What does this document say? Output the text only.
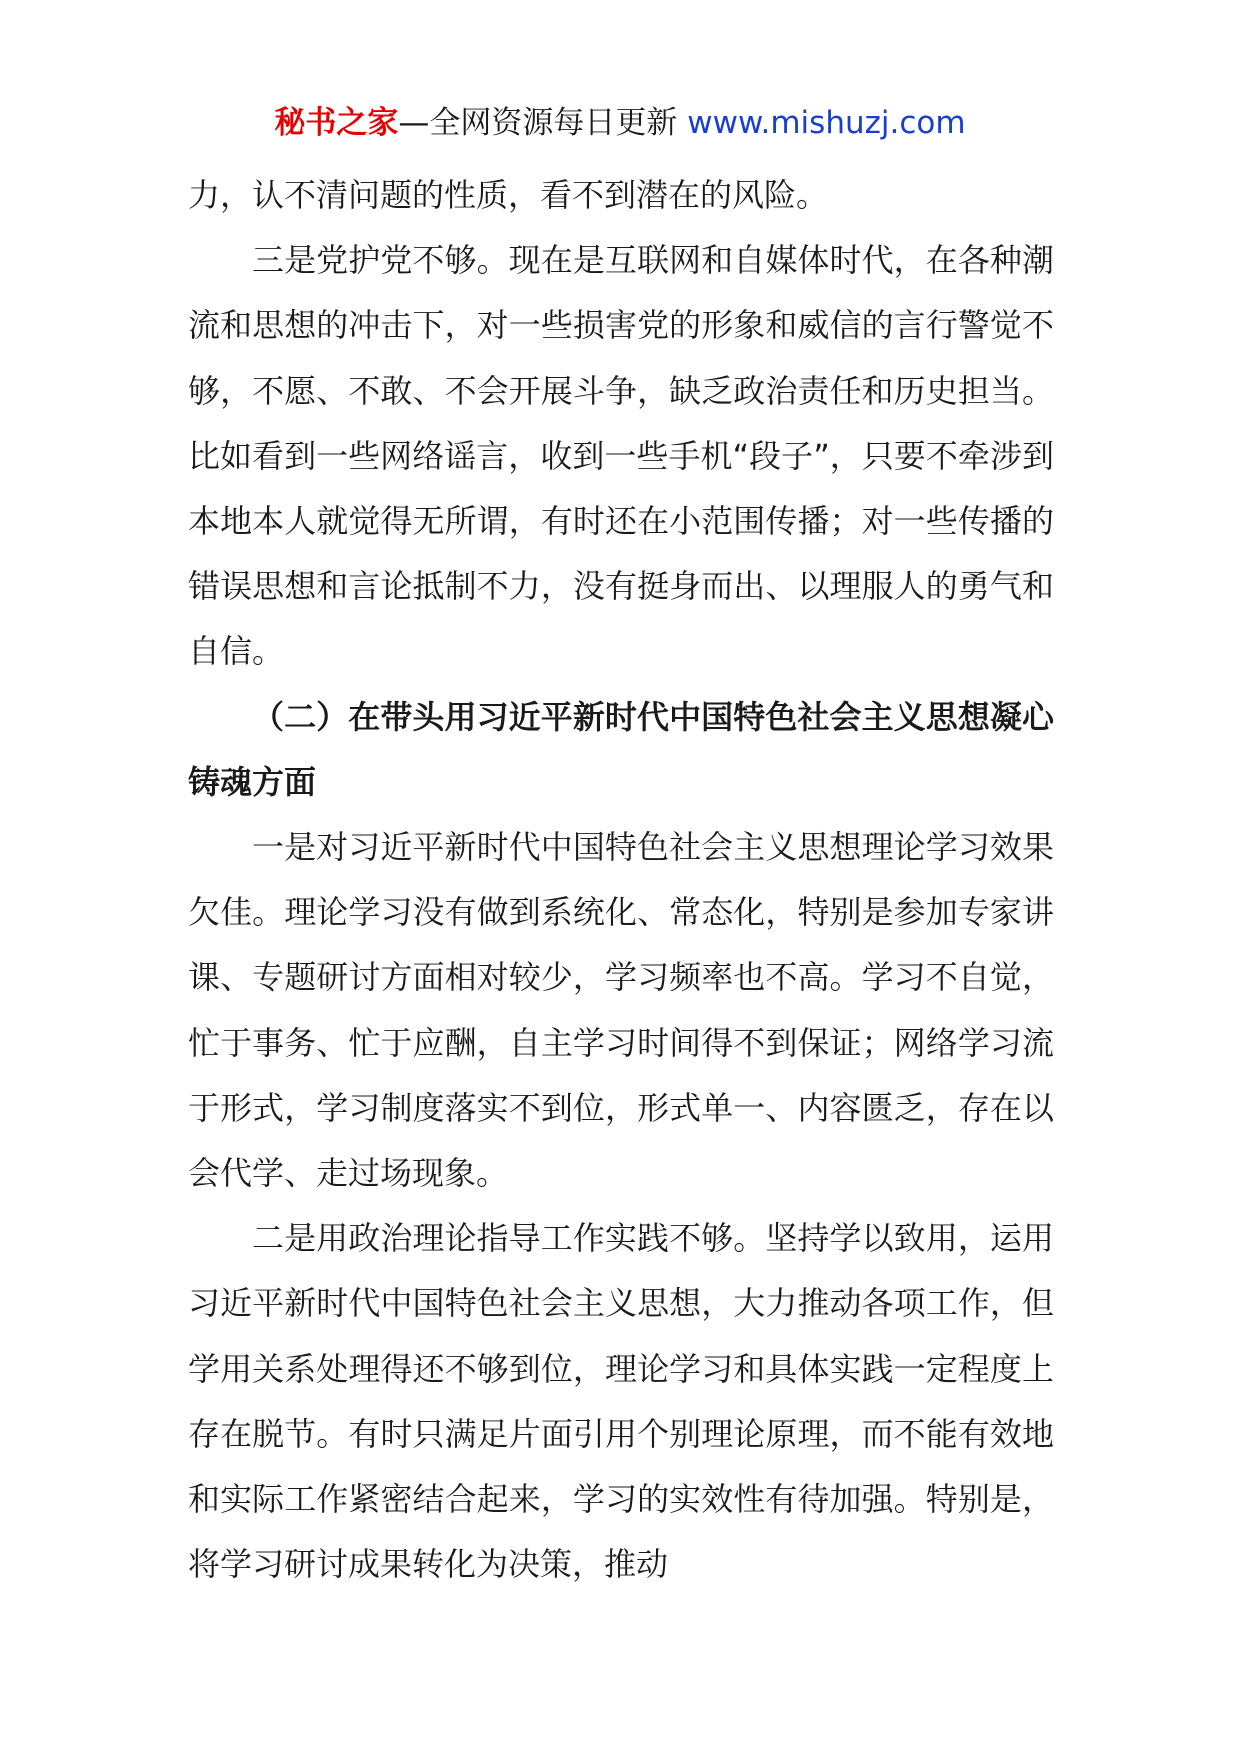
秘书之家—全网资源每日更新 www.mishuzj.com

力，认不清问题的性质，看不到潜在的风险。

三是党护党不够。现在是互联网和自媒体时代，在各种潮流和思想的冲击下，对一些损害党的形象和威信的言行警觉不够，不愿、不敢、不会开展斗争，缺乏政治责任和历史担当。比如看到一些网络谣言，收到一些手机“段子”，只要不牵涉到本地本人就觉得无所谓，有时还在小范围传播；对一些传播的错误思想和言论抵制不力，没有挺身而出、以理服人的勇气和自信。

（二）在带头用习近平新时代中国特色社会主义思想凝心铸魂方面

一是对习近平新时代中国特色社会主义思想理论学习效果欠佳。理论学习没有做到系统化、常态化，特别是参加专家讲课、专题研讨方面相对较少，学习频率也不高。学习不自觉，忙于事务、忙于应酬，自主学习时间得不到保证；网络学习流于形式，学习制度落实不到位，形式单一、内容匮乏，存在以会代学、走过场现象。

二是用政治理论指导工作实践不够。坚持学以致用，运用习近平新时代中国特色社会主义思想，大力推动各项工作，但学用关系处理得还不够到位，理论学习和具体实践一定程度上存在脱节。有时只满足片面引用个别理论原理，而不能有效地和实际工作紧密结合起来，学习的实效性有待加强。特别是，将学习研讨成果转化为决策，推动
